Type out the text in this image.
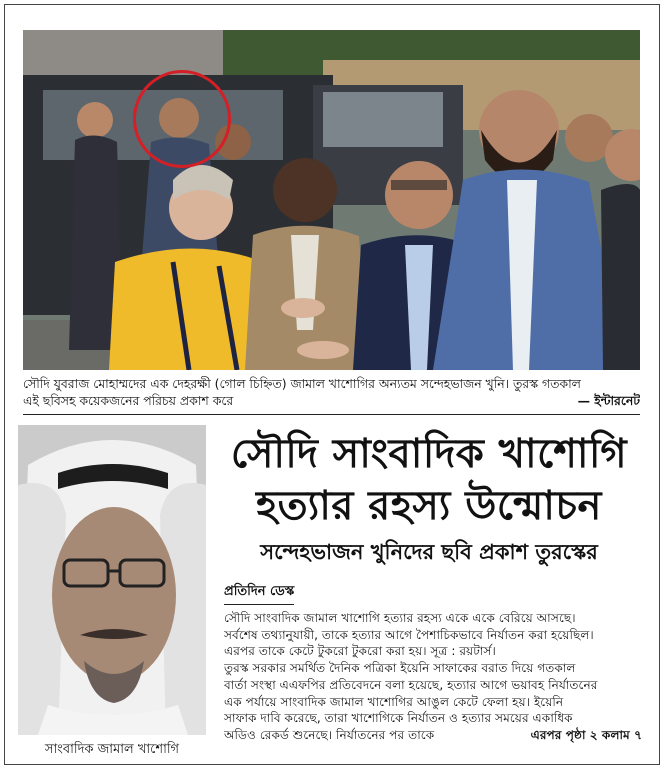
সৌদি যুবরাজ মোহাম্মদের এক দেহরক্ষী (গোল চিহ্নিত) জামাল খাশোগির অন্যতম সন্দেহভাজন খুনি। তুরস্ক গতকাল
— ইন্টারনেট
এই ছবিসহ কয়েকজনের পরিচয় প্রকাশ করে
সাংবাদিক জামাল খাশোগি
সৌদি সাংবাদিক খাশোগি
হত্যার রহস্য উন্মোচন
সন্দেহভাজন খুনিদের ছবি প্রকাশ তুরস্কের
প্রতিদিন ডেস্ক
সৌদি সাংবাদিক জামাল খাশোগি হত্যার রহস্য একে একে বেরিয়ে আসছে।
সর্বশেষ তথ্যানুযায়ী, তাকে হত্যার আগে পৈশাচিকভাবে নির্যাতন করা হয়েছিল।
এরপর তাকে কেটে টুকরো টুকরো করা হয়। সূত্র : রয়টার্স।
তুরস্ক সরকার সমর্থিত দৈনিক পত্রিকা ইয়েনি সাফাকের বরাত দিয়ে গতকাল
বার্তা সংস্থা এএফপির প্রতিবেদনে বলা হয়েছে, হত্যার আগে ভয়াবহ নির্যাতনের
এক পর্যায়ে সাংবাদিক জামাল খাশোগির আঙুল কেটে ফেলা হয়। ইয়েনি
সাফাক দাবি করেছে, তারা খাশোগিকে নির্যাতন ও হত্যার সময়ের একাধিক
এরপর পৃষ্ঠা ২ কলাম ৭
অডিও রেকর্ড শুনেছে। নির্যাতনের পর তাকে
